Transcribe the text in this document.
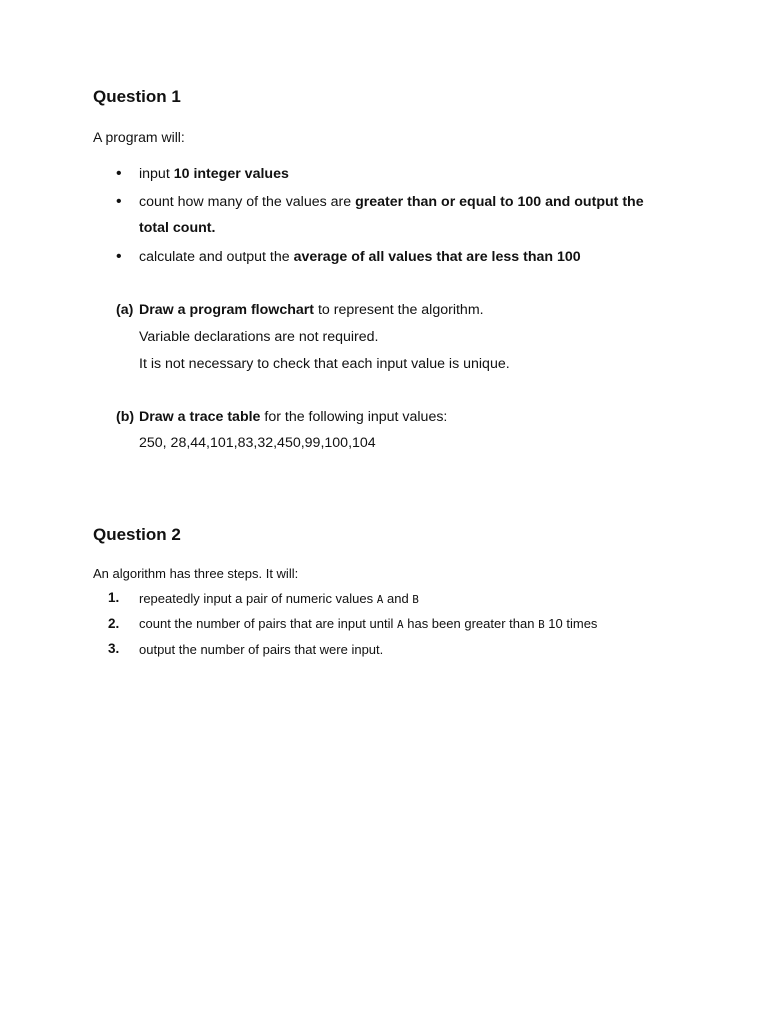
Question 1
A program will:
• input 10 integer values
• count how many of the values are greater than or equal to 100 and output the
total count.
• calculate and output the average of all values that are less than 100
(a) Draw a program flowchart to represent the algorithm.
Variable declarations are not required.
It is not necessary to check that each input value is unique.
(b) Draw a trace table for the following input values:
250, 28,44,101,83,32,450,99,100,104
Question 2
An algorithm has three steps. It will:
1. repeatedly input a pair of numeric values A and B
2. count the number of pairs that are input until A has been greater than B 10 times
3. output the number of pairs that were input.
